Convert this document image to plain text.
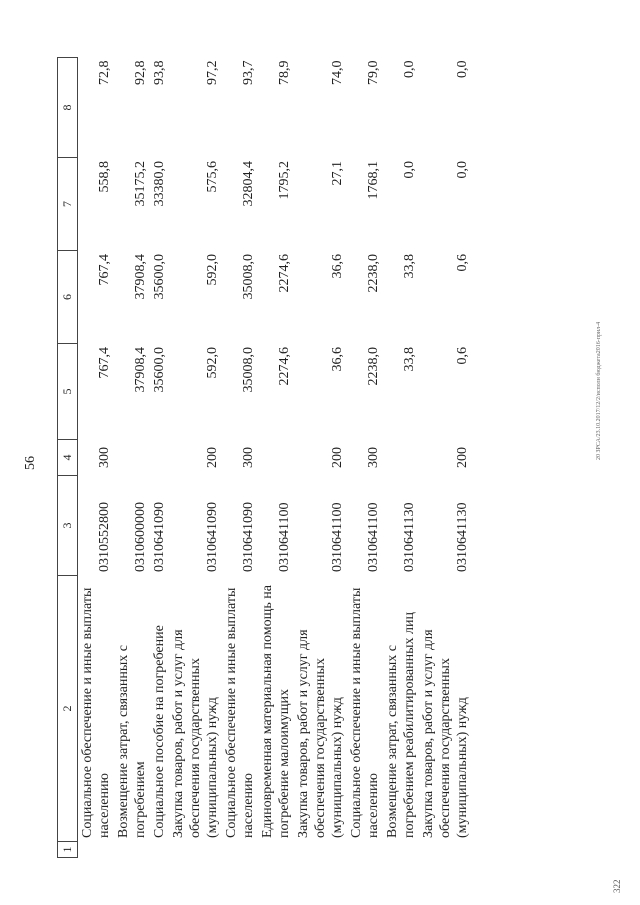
56
20 ЗРСА/23.10.2017/12/2/исполн бюджета2016-прил-4
322
1	2	3	4	5	6	7	8
	Социальное обеспечение и иные выплаты населению	0310552800	300	767,4	767,4	558,8	72,8
	Возмещение затрат, связанных с погребением	0310600000		37908,4	37908,4	35175,2	92,8
	Социальное пособие на погребение	0310641090		35600,0	35600,0	33380,0	93,8
	Закупка товаров, работ и услуг для обеспечения государственных (муниципальных) нужд	0310641090	200	592,0	592,0	575,6	97,2
	Социальное обеспечение и иные выплаты населению	0310641090	300	35008,0	35008,0	32804,4	93,7
	Единовременная материальная помощь на погребение малоимущих	0310641100		2274,6	2274,6	1795,2	78,9
	Закупка товаров, работ и услуг для обеспечения государственных (муниципальных) нужд	0310641100	200	36,6	36,6	27,1	74,0
	Социальное обеспечение и иные выплаты населению	0310641100	300	2238,0	2238,0	1768,1	79,0
	Возмещение затрат, связанных с погребением реабилитированных лиц	0310641130		33,8	33,8	0,0	0,0
	Закупка товаров, работ и услуг для обеспечения государственных (муниципальных) нужд	0310641130	200	0,6	0,6	0,0	0,0
